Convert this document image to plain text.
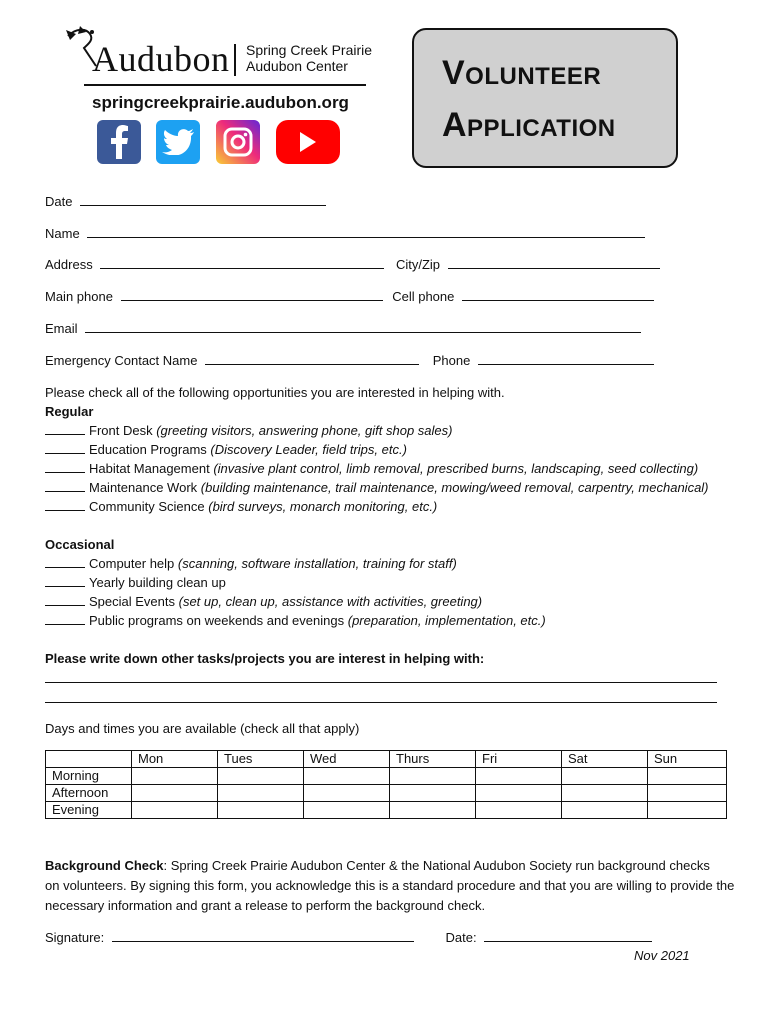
Audubon Spring Creek Prairie
Audubon Center
springcreekprairie.audubon.org
Volunteer
Application
Date
Name
Address	City/Zip
Main phone	Cell phone
Email
Emergency Contact Name	Phone
Please check all of the following opportunities you are interested in helping with.
Regular
Front Desk (greeting visitors, answering phone, gift shop sales)
Education Programs (Discovery Leader, field trips, etc.)
Habitat Management (invasive plant control, limb removal, prescribed burns, landscaping, seed collecting)
Maintenance Work (building maintenance, trail maintenance, mowing/weed removal, carpentry, mechanical)
Community Science (bird surveys, monarch monitoring, etc.)
Occasional
Computer help (scanning, software installation, training for staff)
Yearly building clean up
Special Events (set up, clean up, assistance with activities, greeting)
Public programs on weekends and evenings (preparation, implementation, etc.)
Please write down other tasks/projects you are interest in helping with:
Days and times you are available (check all that apply)
	Mon	Tues	Wed	Thurs	Fri	Sat	Sun
Morning							
Afternoon							
Evening							
Background Check: Spring Creek Prairie Audubon Center & the National Audubon Society run background checks
on volunteers. By signing this form, you acknowledge this is a standard procedure and that you are willing to provide the
necessary information and grant a release to perform the background check.
Signature:	Date:
Nov 2021
